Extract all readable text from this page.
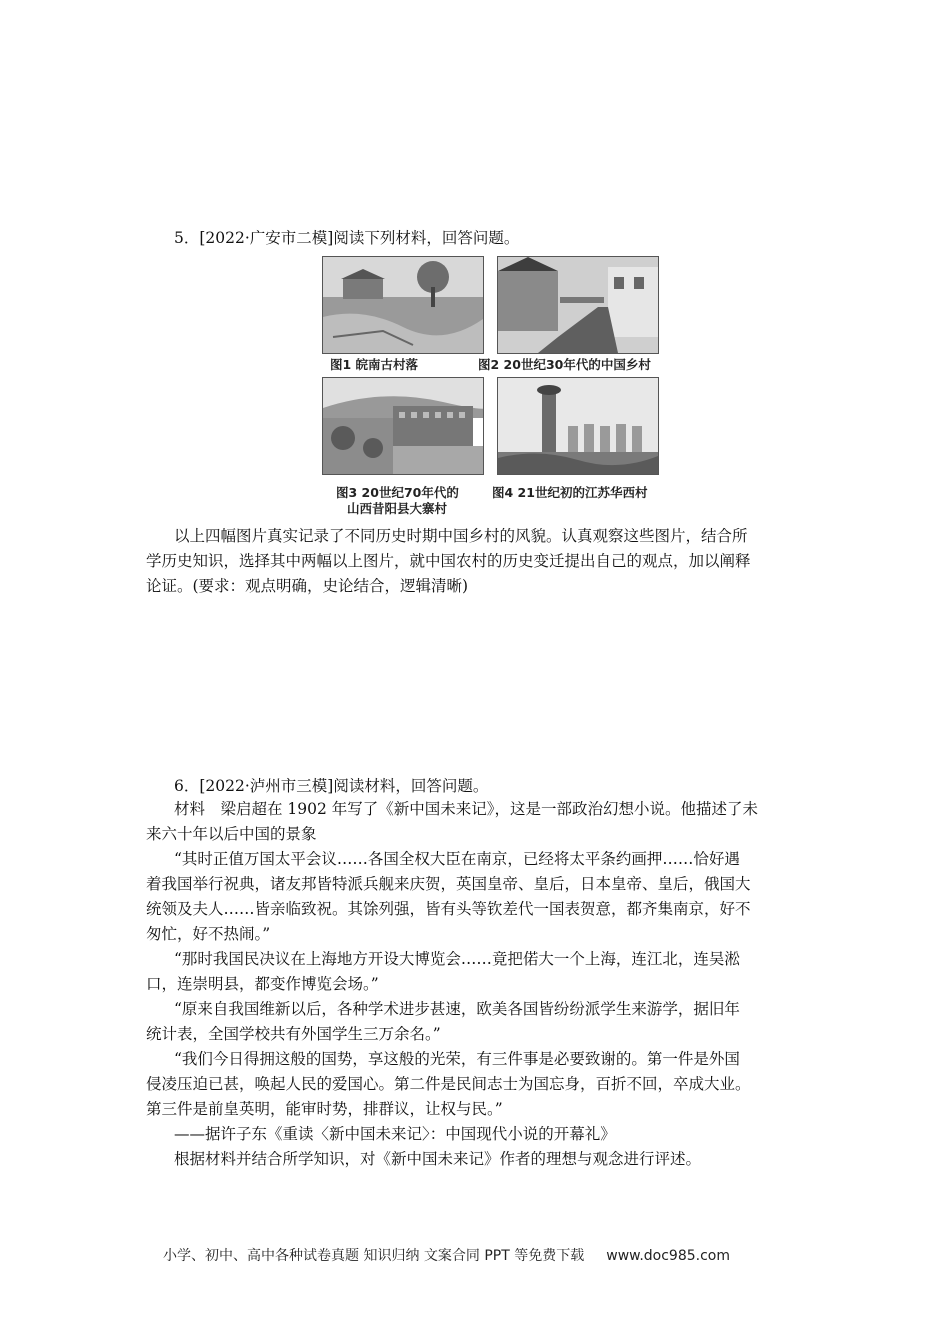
5．[2022·广安市二模]阅读下列材料，回答问题。
图1 皖南古村落	图2 20世纪30年代的中国乡村
图3 20世纪70年代的
山西昔阳县大寨村
图4 21世纪初的江苏华西村
以上四幅图片真实记录了不同历史时期中国乡村的风貌。认真观察这些图片，结合所
学历史知识，选择其中两幅以上图片，就中国农村的历史变迁提出自己的观点，加以阐释
论证。(要求：观点明确，史论结合，逻辑清晰)
6．[2022·泸州市三模]阅读材料，回答问题。
材料　梁启超在 1902 年写了《新中国未来记》，这是一部政治幻想小说。他描述了未
来六十年以后中国的景象
“其时正值万国太平会议……各国全权大臣在南京，已经将太平条约画押……恰好遇
着我国举行祝典，诸友邦皆特派兵舰来庆贺，英国皇帝、皇后，日本皇帝、皇后，俄国大
统领及夫人……皆亲临致祝。其馀列强，皆有头等钦差代一国表贺意，都齐集南京，好不
匆忙，好不热闹。”
“那时我国民决议在上海地方开设大博览会……竟把偌大一个上海，连江北，连吴淞
口，连崇明县，都变作博览会场。”
“原来自我国维新以后，各种学术进步甚速，欧美各国皆纷纷派学生来游学，据旧年
统计表，全国学校共有外国学生三万余名。”
“我们今日得拥这般的国势，享这般的光荣，有三件事是必要致谢的。第一件是外国
侵凌压迫已甚，唤起人民的爱国心。第二件是民间志士为国忘身，百折不回，卒成大业。
第三件是前皇英明，能审时势，排群议，让权与民。”
——据许子东《重读〈新中国未来记〉：中国现代小说的开幕礼》
根据材料并结合所学知识，对《新中国未来记》作者的理想与观念进行评述。
小学、初中、高中各种试卷真题 知识归纳 文案合同 PPT 等免费下载 www.doc985.com
